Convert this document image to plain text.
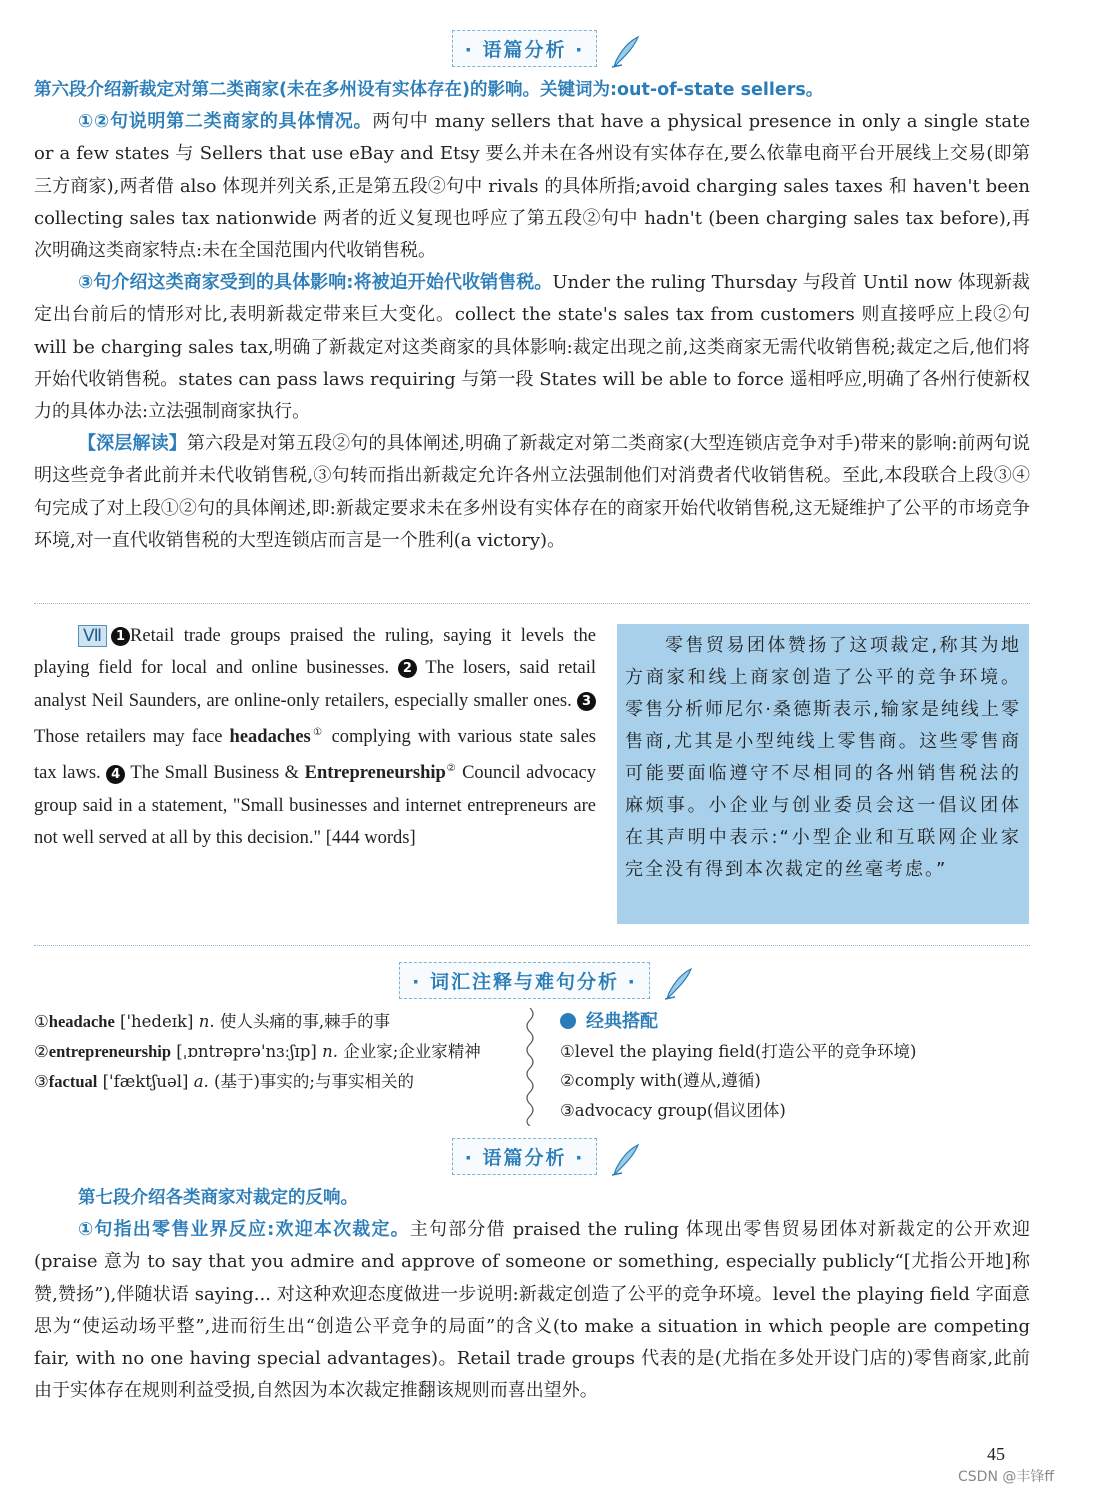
· 语篇分析 ·
第六段介绍新裁定对第二类商家(未在多州设有实体存在)的影响。关键词为:out-of-state sellers。
①②句说明第二类商家的具体情况。两句中 many sellers that have a physical presence in only a single state or a few states 与 Sellers that use eBay and Etsy 要么并未在各州设有实体存在,要么依靠电商平台开展线上交易(即第三方商家),两者借 also 体现并列关系,正是第五段②句中 rivals 的具体所指;avoid charging sales taxes 和 haven't been collecting sales tax nationwide 两者的近义复现也呼应了第五段②句中 hadn't (been charging sales tax before),再次明确这类商家特点:未在全国范围内代收销售税。
③句介绍这类商家受到的具体影响:将被迫开始代收销售税。Under the ruling Thursday 与段首 Until now 体现新裁定出台前后的情形对比,表明新裁定带来巨大变化。collect the state's sales tax from customers 则直接呼应上段②句 will be charging sales tax,明确了新裁定对这类商家的具体影响:裁定出现之前,这类商家无需代收销售税;裁定之后,他们将开始代收销售税。states can pass laws requiring 与第一段 States will be able to force 遥相呼应,明确了各州行使新权力的具体办法:立法强制商家执行。
【深层解读】第六段是对第五段②句的具体阐述,明确了新裁定对第二类商家(大型连锁店竞争对手)带来的影响:前两句说明这些竞争者此前并未代收销售税,③句转而指出新裁定允许各州立法强制他们对消费者代收销售税。至此,本段联合上段③④句完成了对上段①②句的具体阐述,即:新裁定要求未在多州设有实体存在的商家开始代收销售税,这无疑维护了公平的市场竞争环境,对一直代收销售税的大型连锁店而言是一个胜利(a victory)。
Ⅶ 1 Retail trade groups praised the ruling, saying it levels the playing field for local and online businesses. 2 The losers, said retail analyst Neil Saunders, are online-only retailers, especially smaller ones. 3 Those retailers may face headaches① complying with various state sales tax laws. 4 The Small Business & Entrepreneurship② Council advocacy group said in a statement, "Small businesses and internet entrepreneurs are not well served at all by this decision." [444 words]
零售贸易团体赞扬了这项裁定,称其为地方商家和线上商家创造了公平的竞争环境。零售分析师尼尔·桑德斯表示,输家是纯线上零售商,尤其是小型纯线上零售商。这些零售商可能要面临遵守不尽相同的各州销售税法的麻烦事。小企业与创业委员会这一倡议团体在其声明中表示:“小型企业和互联网企业家完全没有得到本次裁定的丝毫考虑。”
· 词汇注释与难句分析 ·
①headache ['hedeɪk] n. 使人头痛的事,棘手的事
②entrepreneurship [ˌɒntrəprə'nɜːʃɪp] n. 企业家;企业家精神
③factual ['fæktʃuəl] a. (基于)事实的;与事实相关的
经典搭配
①level the playing field(打造公平的竞争环境)
②comply with(遵从,遵循)
③advocacy group(倡议团体)
· 语篇分析 ·
第七段介绍各类商家对裁定的反响。
①句指出零售业界反应:欢迎本次裁定。主句部分借 praised the ruling 体现出零售贸易团体对新裁定的公开欢迎(praise 意为 to say that you admire and approve of someone or something, especially publicly“[尤指公开地]称赞,赞扬”),伴随状语 saying... 对这种欢迎态度做进一步说明:新裁定创造了公平的竞争环境。level the playing field 字面意思为“使运动场平整”,进而衍生出“创造公平竞争的局面”的含义(to make a situation in which people are competing fair, with no one having special advantages)。Retail trade groups 代表的是(尤指在多处开设门店的)零售商家,此前由于实体存在规则利益受损,自然因为本次裁定推翻该规则而喜出望外。
45
CSDN @丰锋ff
